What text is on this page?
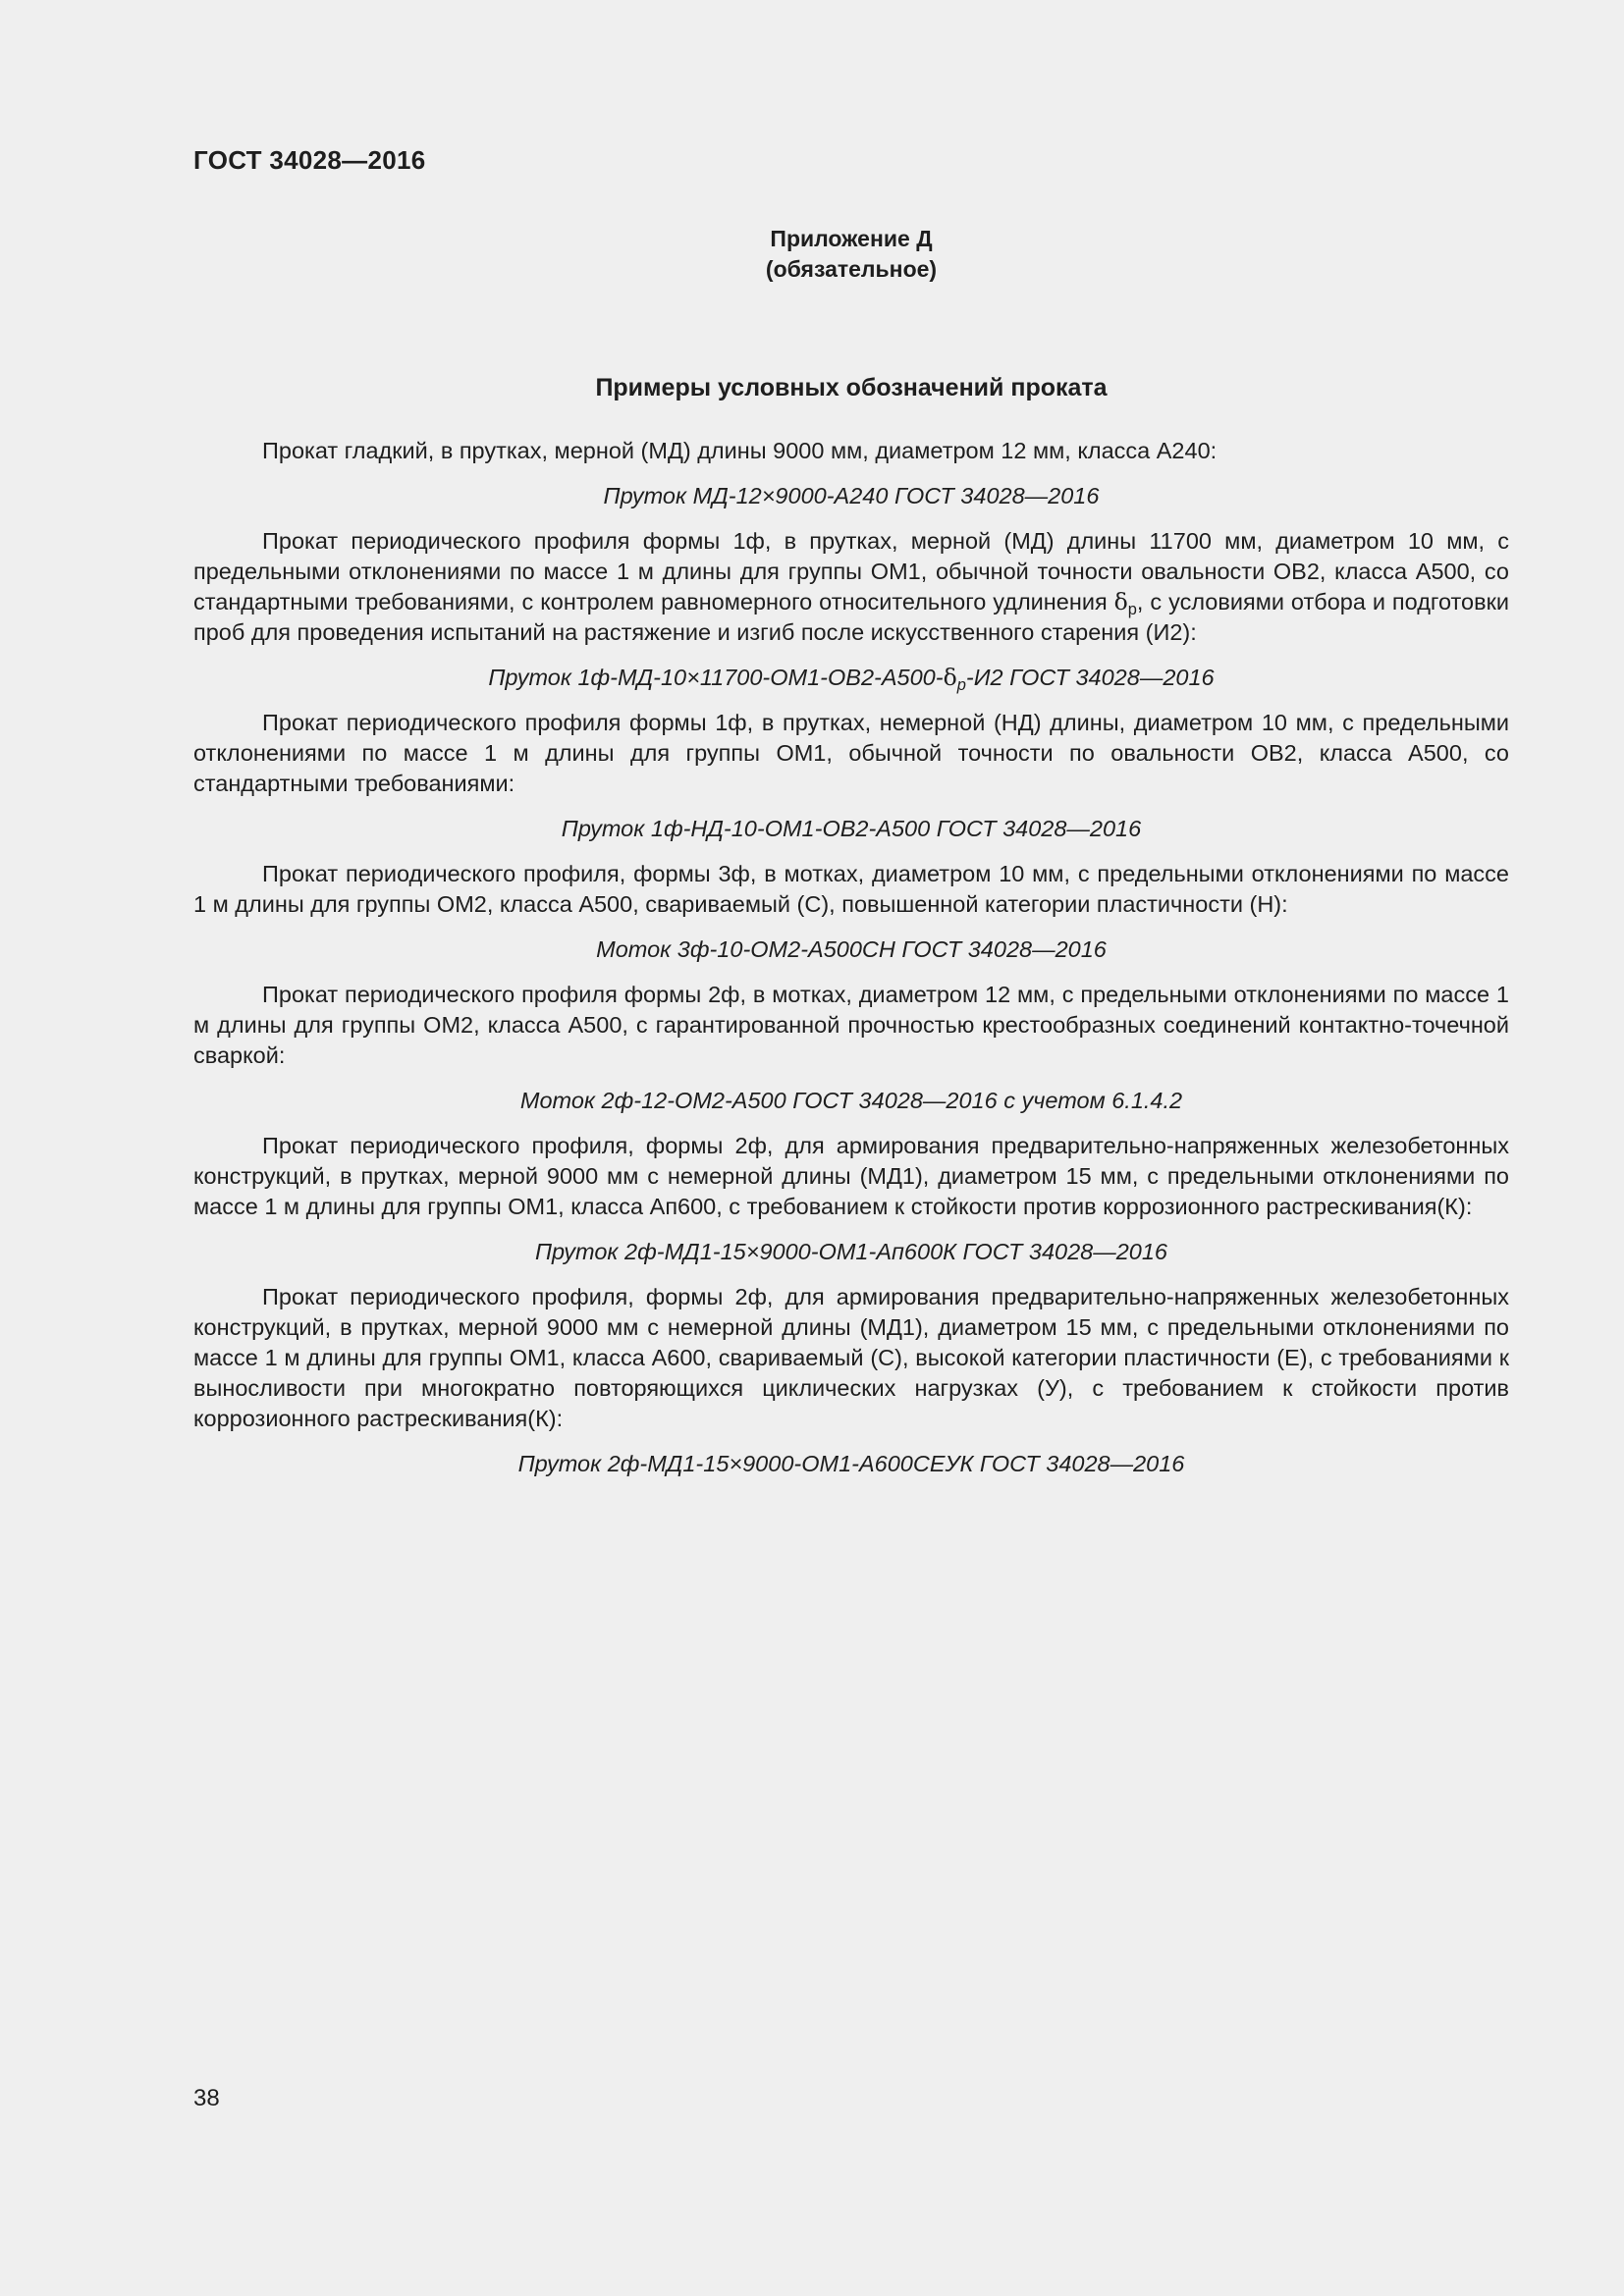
ГОСТ 34028—2016

Приложение Д
(обязательное)
Примеры условных обозначений проката

Прокат гладкий, в прутках, мерной (МД) длины 9000 мм, диаметром 12 мм, класса А240:

Пруток МД-12×9000-А240 ГОСТ 34028—2016

Прокат периодического профиля формы 1ф, в прутках, мерной (МД) длины 11700 мм, диаметром 10 мм, с предельными отклонениями по массе 1 м длины для группы ОМ1, обычной точности овальности ОВ2, класса А500, со стандартными требованиями, с контролем равномерного относительного удлинения $\delta_р$, с условиями отбора и подготовки проб для проведения испытаний на растяжение и изгиб после искусственного старения (И2):

Пруток $1ф-МД-10\times 11700-ОМ1-ОВ2-А500-\delta_р-И2$ ГОСТ 34028—2016

Прокат периодического профиля формы 1ф, в прутках, немерной (НД) длины, диаметром 10 мм, с предельными отклонениями по массе 1 м длины для группы ОМ1, обычной точности по овальности ОВ2, класса А500, со стандартными требованиями:

Пруток 1ф-НД-10-ОМ1-ОВ2-А500 ГОСТ 34028—2016

Прокат периодического профиля, формы 3ф, в мотках, диаметром 10 мм, с предельными отклонениями по массе 1 м длины для группы ОМ2, класса А500, свариваемый (С), повышенной категории пластичности (Н):

Моток 3ф-10-ОМ2-А500СН ГОСТ 34028—2016

Прокат периодического профиля формы 2ф, в мотках, диаметром 12 мм, с предельными отклонениями по массе 1 м длины для группы ОМ2, класса А500, с гарантированной прочностью крестообразных соединений контактно-точечной сваркой:

Моток 2ф-12-ОМ2-А500 ГОСТ 34028—2016 с учетом 6.1.4.2

Прокат периодического профиля, формы 2ф, для армирования предварительно-напряженных железобетонных конструкций, в прутках, мерной 9000 мм с немерной длины (МД1), диаметром 15 мм, с предельными отклонениями по массе 1 м длины для группы ОМ1, класса Ап600, с требованием к стойкости против коррозионного растрескивания(К):

Пруток 2ф-МД1-15×9000-ОМ1-Ап600К ГОСТ 34028—2016

Прокат периодического профиля, формы 2ф, для армирования предварительно-напряженных железобетонных конструкций, в прутках, мерной 9000 мм с немерной длины (МД1), диаметром 15 мм, с предельными отклонениями по массе 1 м длины для группы ОМ1, класса А600, свариваемый (С), высокой категории пластичности (Е), с требованиями к выносливости при многократно повторяющихся циклических нагрузках (У), с требованием к стойкости против коррозионного растрескивания(К):

Пруток 2ф-МД1-15×9000-ОМ1-А600СЕУК ГОСТ 34028—2016

38
